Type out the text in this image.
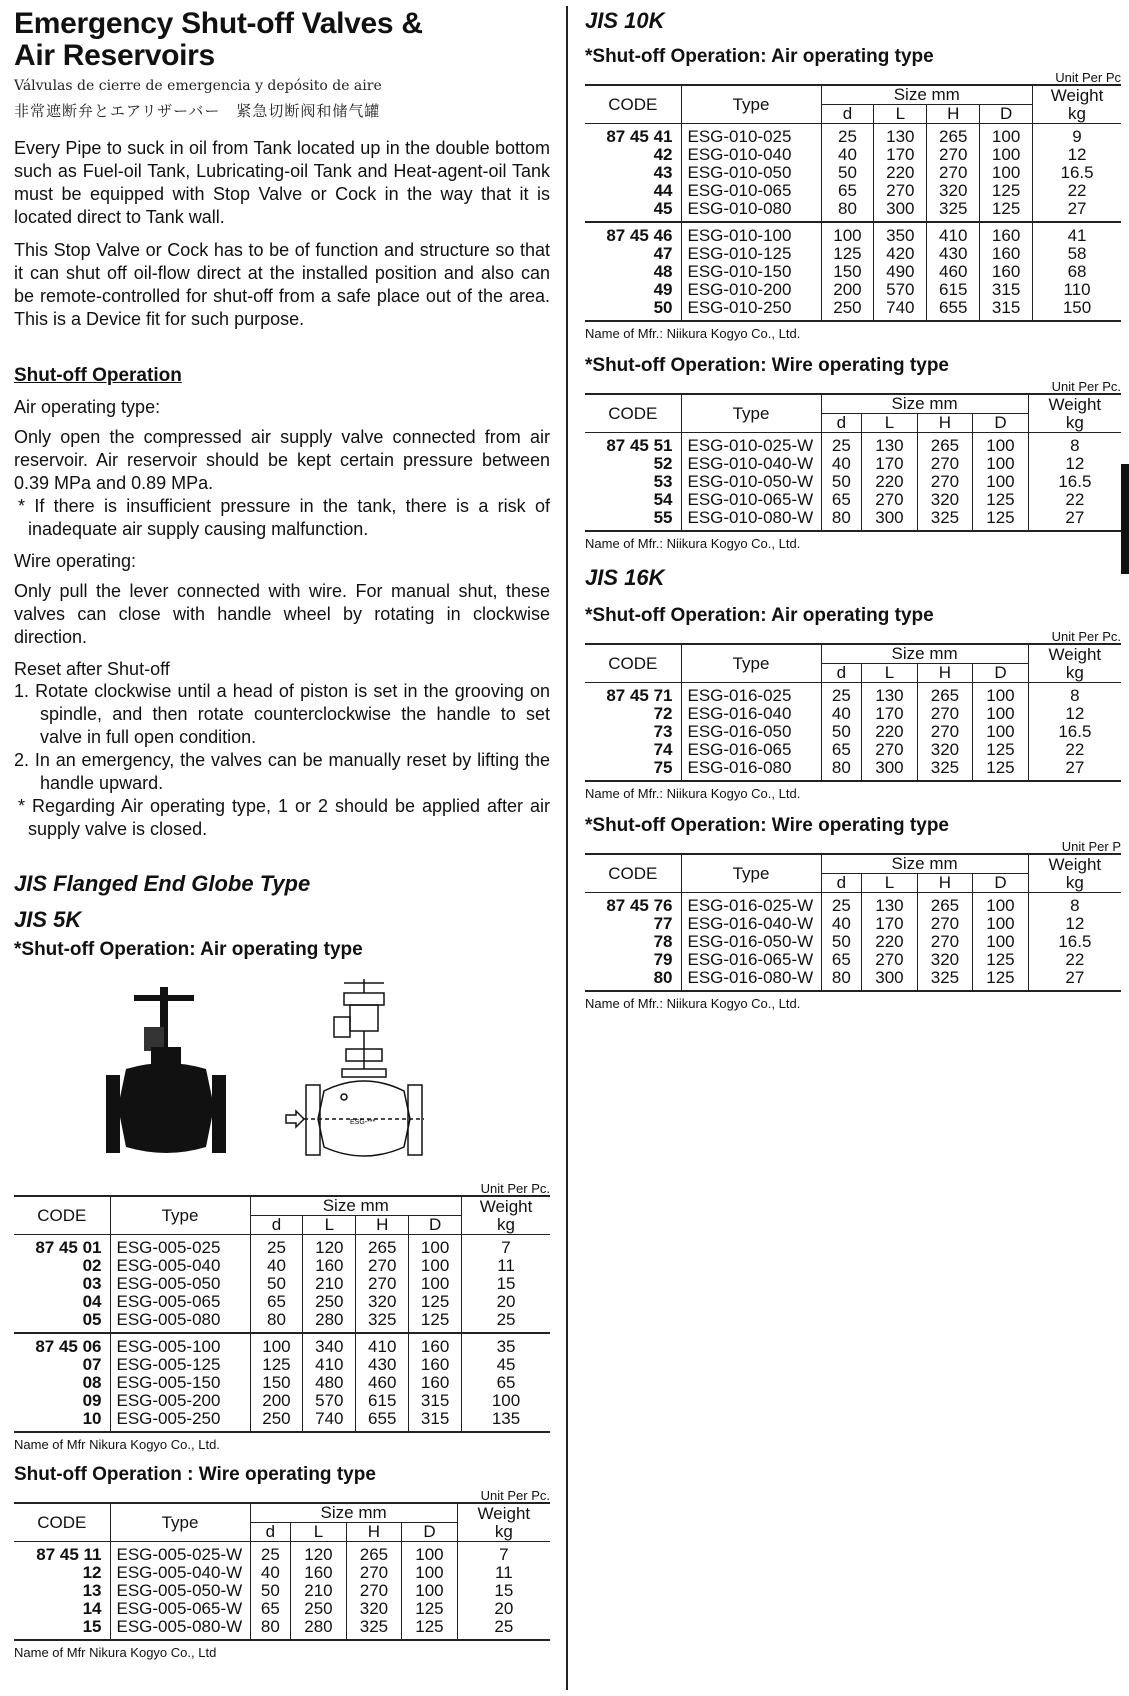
Emergency Shut-off Valves &
Air Reservoirs
Válvulas de cierre de emergencia y depósito de aire
非常遮断弁とエアリザーバー　紧急切断阀和储气罐

Every Pipe to suck in oil from Tank located up in the double bottom such as Fuel-oil Tank, Lubricating-oil Tank and Heat-agent-oil Tank must be equipped with Stop Valve or Cock in the way that it is located direct to Tank wall.

This Stop Valve or Cock has to be of function and structure so that it can shut off oil-flow direct at the installed position and also can be remote-controlled for shut-off from a safe place out of the area. This is a Device fit for such purpose.

Shut-off Operation
Air operating type:
Only open the compressed air supply valve connected from air reservoir. Air reservoir should be kept certain pressure between 0.39 MPa and 0.89 MPa.
* If there is insufficient pressure in the tank, there is a risk of inadequate air supply causing malfunction.
Wire operating:
Only pull the lever connected with wire. For manual shut, these valves can close with handle wheel by rotating in clockwise direction.
Reset after Shut-off
1. Rotate clockwise until a head of piston is set in the grooving on spindle, and then rotate counterclockwise the handle to set valve in full open condition.
2. In an emergency, the valves can be manually reset by lifting the handle upward.
* Regarding Air operating type, 1 or 2 should be applied after air supply valve is closed.
JIS Flanged End Globe Type
JIS 5K
*Shut-off Operation: Air operating type
ESG-***
Unit Per Pc.
CODE	Type	Size mm				Weight
kg
		d	L	H	D	
87 45 01	ESG-005-025	25	120	265	100	7
02	ESG-005-040	40	160	270	100	11
03	ESG-005-050	50	210	270	100	15
04	ESG-005-065	65	250	320	125	20
05	ESG-005-080	80	280	325	125	25
87 45 06	ESG-005-100	100	340	410	160	35
07	ESG-005-125	125	410	430	160	45
08	ESG-005-150	150	480	460	160	65
09	ESG-005-200	200	570	615	315	100
10	ESG-005-250	250	740	655	315	135
Name of Mfr Nikura Kogyo Co., Ltd.
Shut-off Operation : Wire operating type
Unit Per Pc.
CODE	Type	Size mm				Weight
kg
		d	L	H	D	
87 45 11	ESG-005-025-W	25	120	265	100	7
12	ESG-005-040-W	40	160	270	100	11
13	ESG-005-050-W	50	210	270	100	15
14	ESG-005-065-W	65	250	320	125	20
15	ESG-005-080-W	80	280	325	125	25
Name of Mfr Nikura Kogyo Co., Ltd
JIS 10K
*Shut-off Operation: Air operating type
Unit Per Pc
CODE	Type	Size mm				Weight
kg
		d	L	H	D	
87 45 41	ESG-010-025	25	130	265	100	9
42	ESG-010-040	40	170	270	100	12
43	ESG-010-050	50	220	270	100	16.5
44	ESG-010-065	65	270	320	125	22
45	ESG-010-080	80	300	325	125	27
87 45 46	ESG-010-100	100	350	410	160	41
47	ESG-010-125	125	420	430	160	58
48	ESG-010-150	150	490	460	160	68
49	ESG-010-200	200	570	615	315	110
50	ESG-010-250	250	740	655	315	150
Name of Mfr.: Niikura Kogyo Co., Ltd.
*Shut-off Operation: Wire operating type
Unit Per Pc.
CODE	Type	Size mm				Weight
kg
		d	L	H	D	
87 45 51	ESG-010-025-W	25	130	265	100	8
52	ESG-010-040-W	40	170	270	100	12
53	ESG-010-050-W	50	220	270	100	16.5
54	ESG-010-065-W	65	270	320	125	22
55	ESG-010-080-W	80	300	325	125	27
Name of Mfr.: Niikura Kogyo Co., Ltd.
JIS 16K
*Shut-off Operation: Air operating type
Unit Per Pc.
CODE	Type	Size mm				Weight
kg
		d	L	H	D	
87 45 71	ESG-016-025	25	130	265	100	8
72	ESG-016-040	40	170	270	100	12
73	ESG-016-050	50	220	270	100	16.5
74	ESG-016-065	65	270	320	125	22
75	ESG-016-080	80	300	325	125	27
Name of Mfr.: Niikura Kogyo Co., Ltd.
*Shut-off Operation: Wire operating type
Unit Per P
CODE	Type	Size mm				Weight
kg
		d	L	H	D	
87 45 76	ESG-016-025-W	25	130	265	100	8
77	ESG-016-040-W	40	170	270	100	12
78	ESG-016-050-W	50	220	270	100	16.5
79	ESG-016-065-W	65	270	320	125	22
80	ESG-016-080-W	80	300	325	125	27
Name of Mfr.: Niikura Kogyo Co., Ltd.
